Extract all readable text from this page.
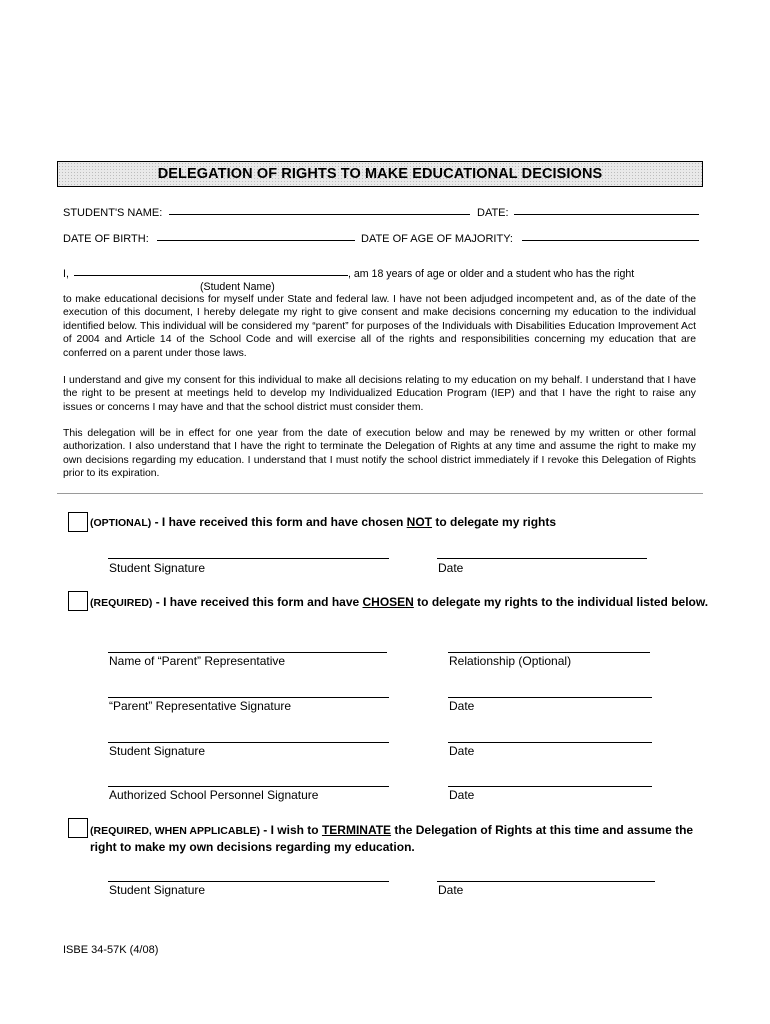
DELEGATION OF RIGHTS TO MAKE EDUCATIONAL DECISIONS
STUDENT'S NAME:	DATE:
DATE OF BIRTH:	DATE OF AGE OF MAJORITY:
I,	, am 18 years of age or older and a student who has the right
(Student Name)
to make educational decisions for myself under State and federal law. I have not been adjudged incompetent and, as of the date of the execution of this document, I hereby delegate my right to give consent and make decisions concerning my education to the individual identified below. This individual will be considered my “parent” for purposes of the Individuals with Disabilities Education Improvement Act of 2004 and Article 14 of the School Code and will exercise all of the rights and responsibilities concerning my education that are conferred on a parent under those laws.
I understand and give my consent for this individual to make all decisions relating to my education on my behalf. I understand that I have the right to be present at meetings held to develop my Individualized Education Program (IEP) and that I have the right to raise any issues or concerns I may have and that the school district must consider them.
This delegation will be in effect for one year from the date of execution below and may be renewed by my written or other formal authorization. I also understand that I have the right to terminate the Delegation of Rights at any time and assume the right to make my own decisions regarding my education. I understand that I must notify the school district immediately if I revoke this Delegation of Rights prior to its expiration.
(OPTIONAL) - I have received this form and have chosen NOT to delegate my rights
Student Signature	Date
(REQUIRED) - I have received this form and have CHOSEN to delegate my rights to the individual listed below.
Name of “Parent” Representative	Relationship (Optional)
“Parent” Representative Signature	Date
Student Signature	Date
Authorized School Personnel Signature	Date
(REQUIRED, WHEN APPLICABLE) - I wish to TERMINATE the Delegation of Rights at this time and assume the right to make my own decisions regarding my education.
Student Signature	Date
ISBE 34-57K (4/08)
